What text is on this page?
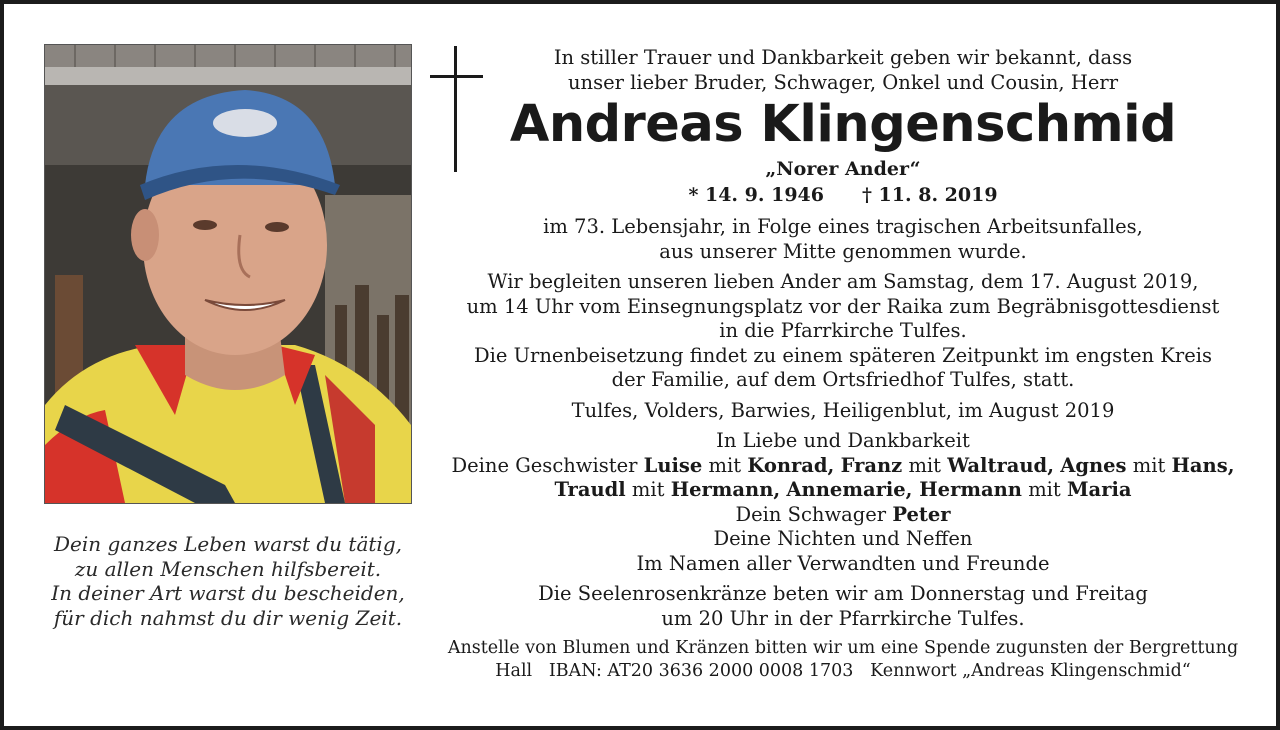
Dein ganzes Leben warst du tätig,
zu allen Menschen hilfsbereit.
In deiner Art warst du bescheiden,
für dich nahmst du dir wenig Zeit.
In stiller Trauer und Dankbarkeit geben wir bekannt, dass
unser lieber Bruder, Schwager, Onkel und Cousin, Herr
Andreas Klingenschmid
„Norer Ander“
* 14. 9. 1946 † 11. 8. 2019
im 73. Lebensjahr, in Folge eines tragischen Arbeitsunfalles,
aus unserer Mitte genommen wurde.
Wir begleiten unseren lieben Ander am Samstag, dem 17. August 2019,
um 14 Uhr vom Einsegnungsplatz vor der Raika zum Begräbnisgottesdienst
in die Pfarrkirche Tulfes.
Die Urnenbeisetzung findet zu einem späteren Zeitpunkt im engsten Kreis
der Familie, auf dem Ortsfriedhof Tulfes, statt.
Tulfes, Volders, Barwies, Heiligenblut, im August 2019
In Liebe und Dankbarkeit
Deine Geschwister Luise mit Konrad, Franz mit Waltraud, Agnes mit Hans,
Traudl mit Hermann, Annemarie, Hermann mit Maria
Dein Schwager Peter
Deine Nichten und Neffen
Im Namen aller Verwandten und Freunde
Die Seelenrosenkränze beten wir am Donnerstag und Freitag
um 20 Uhr in der Pfarrkirche Tulfes.
Anstelle von Blumen und Kränzen bitten wir um eine Spende zugunsten der Bergrettung
Hall   IBAN: AT20 3636 2000 0008 1703   Kennwort „Andreas Klingenschmid“
